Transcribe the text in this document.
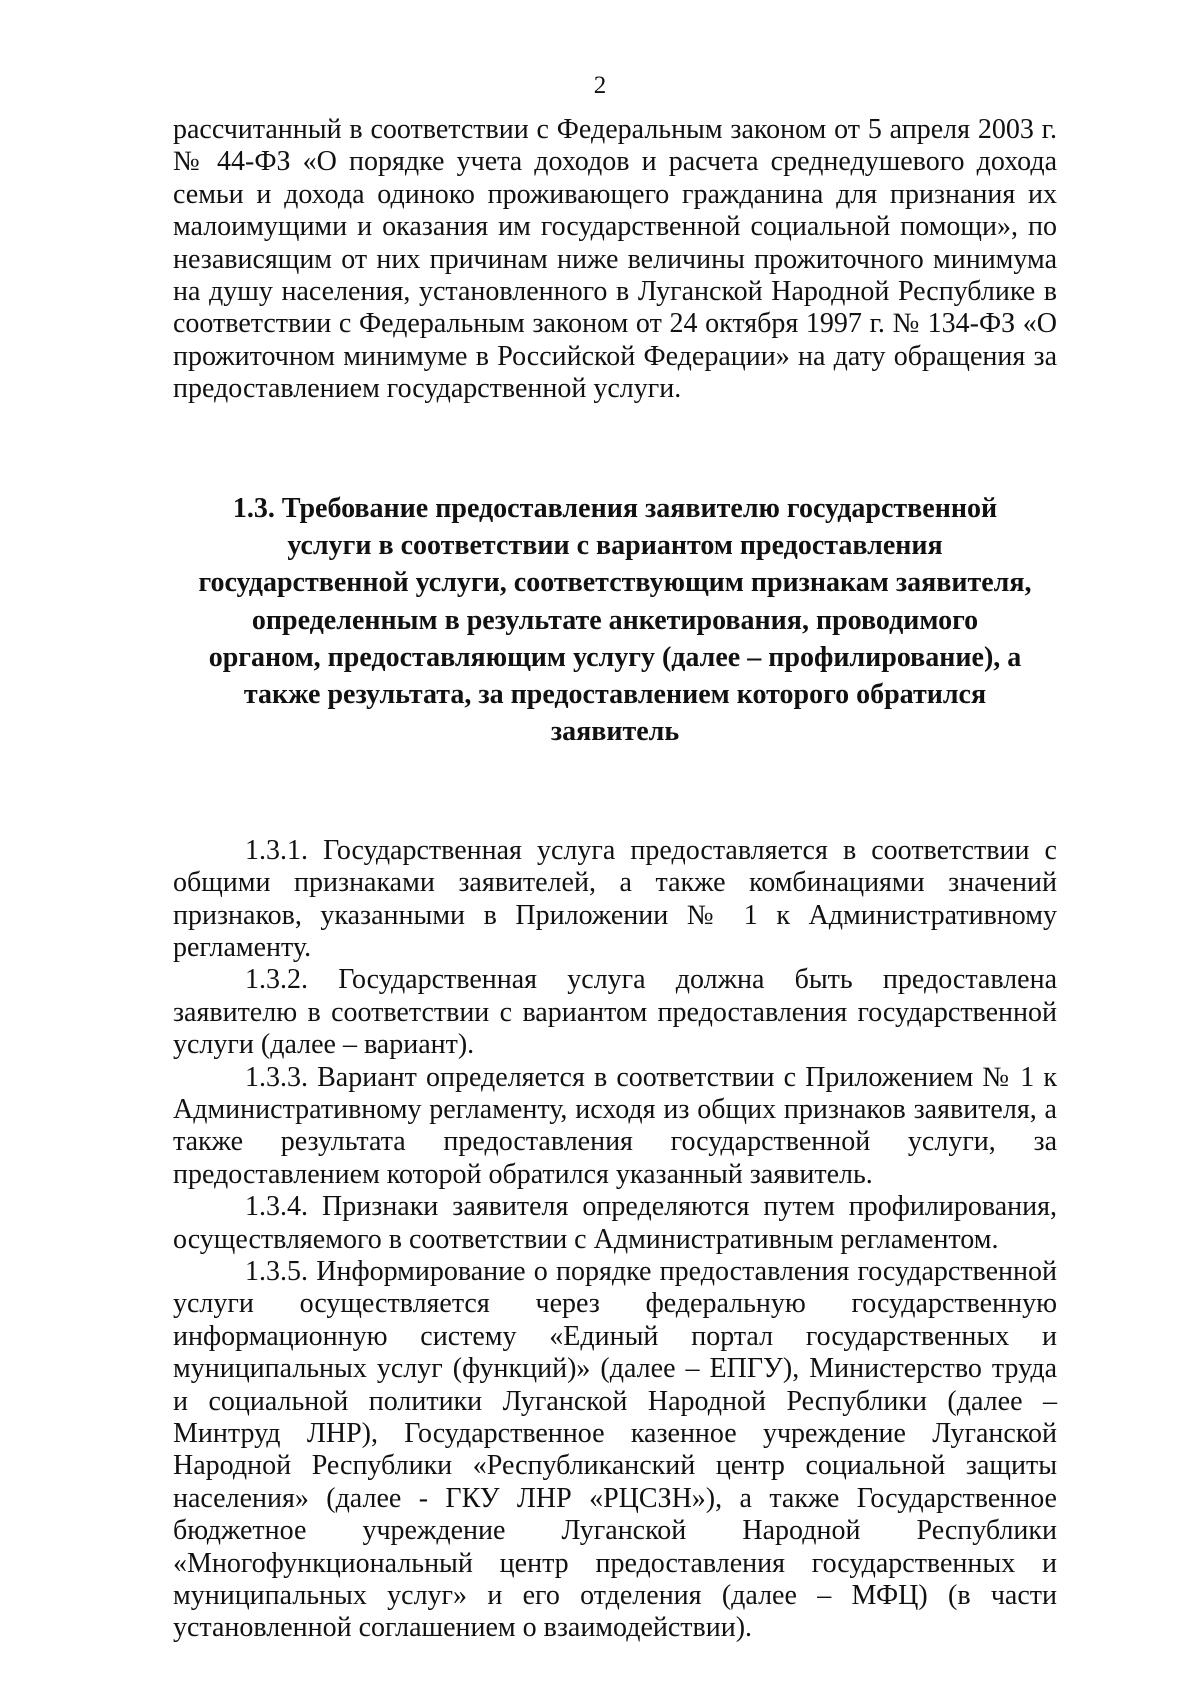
2

рассчитанный в соответствии с Федеральным законом от 5 апреля 2003 г. № 44-ФЗ «О порядке учета доходов и расчета среднедушевого дохода семьи и дохода одиноко проживающего гражданина для признания их малоимущими и оказания им государственной социальной помощи», по независящим от них причинам ниже величины прожиточного минимума на душу населения, установленного в Луганской Народной Республике в соответствии с Федеральным законом от 24 октября 1997 г. № 134-ФЗ «О прожиточном минимуме в Российской Федерации» на дату обращения за предоставлением государственной услуги.

1.3. Требование предоставления заявителю государственной услуги в соответствии с вариантом предоставления государственной услуги, соответствующим признакам заявителя, определенным в результате анкетирования, проводимого органом, предоставляющим услугу (далее – профилирование), а также результата, за предоставлением которого обратился заявитель

1.3.1. Государственная услуга предоставляется в соответствии с общими признаками заявителей, а также комбинациями значений признаков, указанными в Приложении № 1 к Административному регламенту.

1.3.2. Государственная услуга должна быть предоставлена заявителю в соответствии с вариантом предоставления государственной услуги (далее – вариант).

1.3.3. Вариант определяется в соответствии с Приложением № 1 к Административному регламенту, исходя из общих признаков заявителя, а также результата предоставления государственной услуги, за предоставлением которой обратился указанный заявитель.

1.3.4. Признаки заявителя определяются путем профилирования, осуществляемого в соответствии с Административным регламентом.

1.3.5. Информирование о порядке предоставления государственной услуги осуществляется через федеральную государственную информационную систему «Единый портал государственных и муниципальных услуг (функций)» (далее – ЕПГУ), Министерство труда и социальной политики Луганской Народной Республики (далее – Минтруд ЛНР), Государственное казенное учреждение Луганской Народной Республики «Республиканский центр социальной защиты населения» (далее - ГКУ ЛНР «РЦСЗН»), а также Государственное бюджетное учреждение Луганской Народной Республики «Многофункциональный центр предоставления государственных и муниципальных услуг» и его отделения (далее – МФЦ) (в части установленной соглашением о взаимодействии).
